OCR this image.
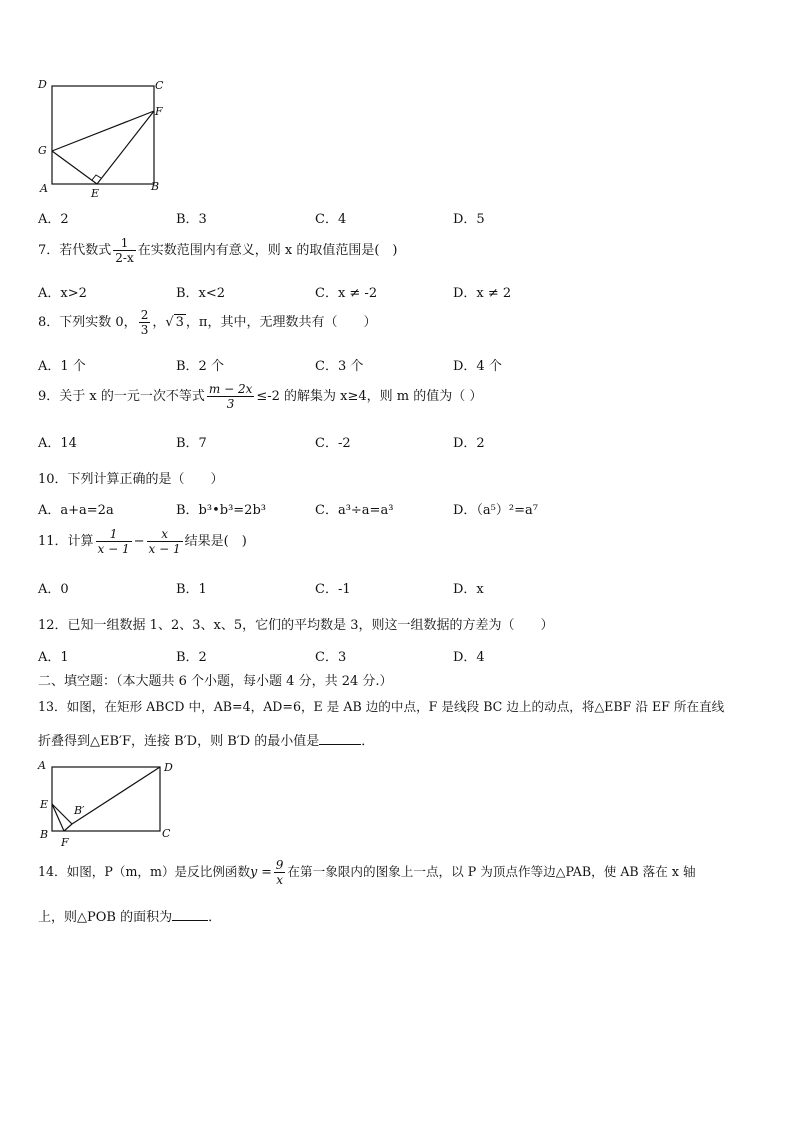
D	C
F
G
A	E
B
A．2	B．3	C．4	D．5
7．若代数式 $\frac{1}{2-x}$ 在实数范围内有意义，则 x 的取值范围是(　)
A．x>2	B．x<2	C．x ≠ -2	D．x ≠ 2
8．下列实数 0， $\frac{2}{3}$ ，√ 3 ，π，其中，无理数共有（　　）
A．1 个	B．2 个	C．3 个	D．4 个
9．关于 x 的一元一次不等式 $\frac{m - 2x}{3} \le-2$ 的解集为 x≥4，则 m 的值为（ ）
A．14	B．7	C．-2	D．2
10．下列计算正确的是（　　）
A．a+a=2a	B．b³•b³=2b³	C．a³÷a=a³	D．（a⁵）²=a⁷
11．计算 $\frac{1}{x - 1} - \frac{x}{x - 1}$ 结果是(　)
A．0	B．1	C．-1	D．x
12．已知一组数据 1、2、3、x、5，它们的平均数是 3，则这一组数据的方差为（　　）
A．1	B．2	C．3	D．4
二、填空题：（本大题共 6 个小题，每小题 4 分，共 24 分.）
13．如图，在矩形 ABCD 中，AB=4，AD=6，E 是 AB 边的中点，F 是线段 BC 边上的动点，将△EBF 沿 EF 所在直线
折叠得到△EB′F，连接 B′D，则 B′D 的最小值是	．
A	D
E B′
B
F
C
14．如图，P（m，m）是反比例函数$y = \frac{9}{x}$ 在第一象限内的图象上一点，以 P 为顶点作等边△PAB，使 AB 落在 x 轴
上，则△POB 的面积为	．
